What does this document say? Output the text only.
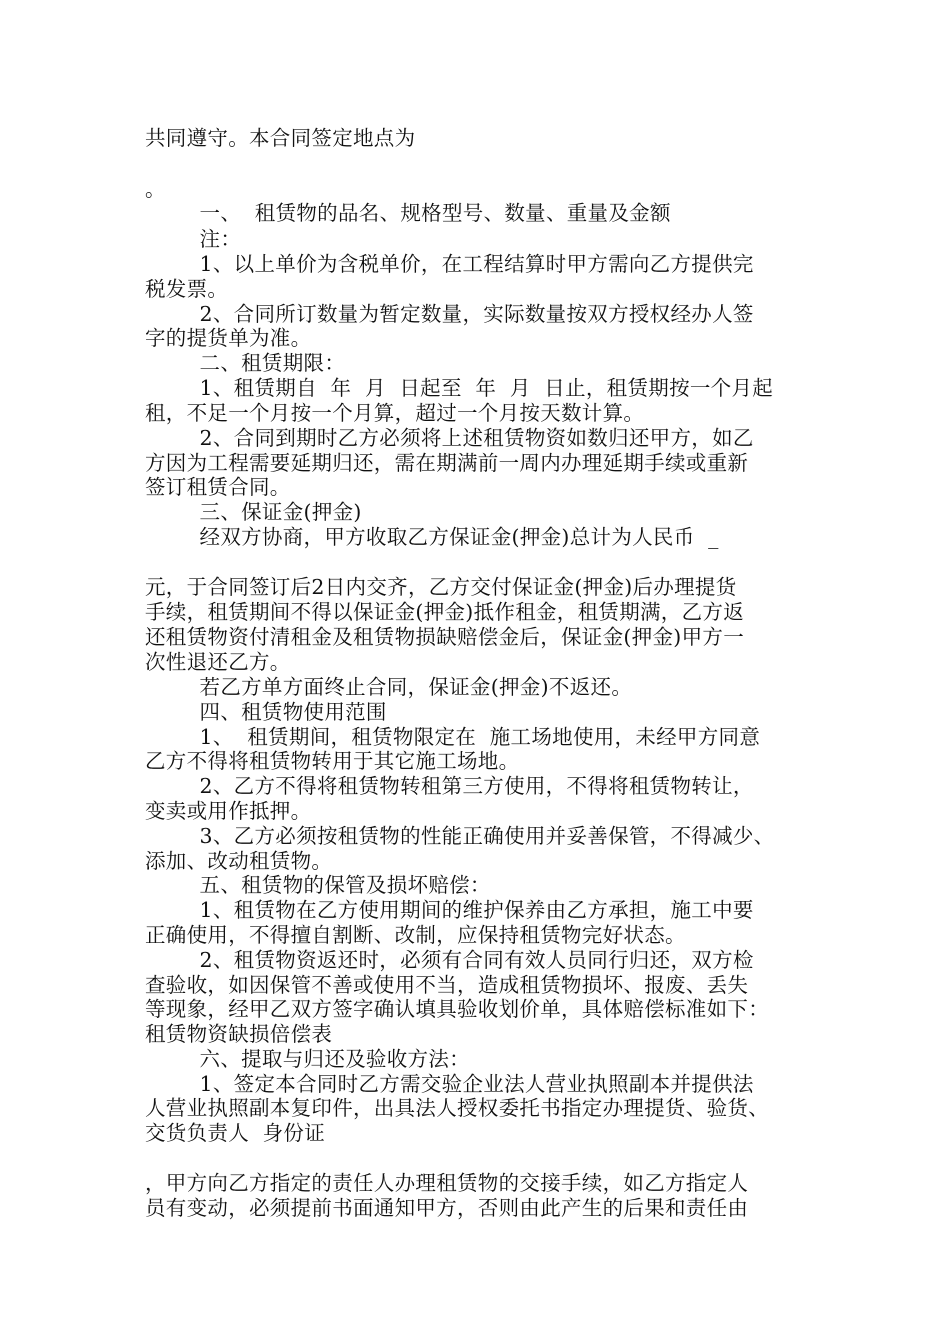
共同遵守。本合同签定地点为
。
一、  租赁物的品名、规格型号、数量、重量及金额
注：
1、以上单价为含税单价，在工程结算时甲方需向乙方提供完
税发票。
2、合同所订数量为暂定数量，实际数量按双方授权经办人签
字的提货单为准。
二、租赁期限：
1、租赁期自  年  月  日起至  年  月  日止，租赁期按一个月起
租，不足一个月按一个月算，超过一个月按天数计算。
2、合同到期时乙方必须将上述租赁物资如数归还甲方，如乙
方因为工程需要延期归还，需在期满前一周内办理延期手续或重新
签订租赁合同。
三、保证金(押金)
经双方协商，甲方收取乙方保证金(押金)总计为人民币  _
元，于合同签订后2日内交齐，乙方交付保证金(押金)后办理提货
手续，租赁期间不得以保证金(押金)抵作租金，租赁期满，乙方返
还租赁物资付清租金及租赁物损缺赔偿金后，保证金(押金)甲方一
次性退还乙方。
若乙方单方面终止合同，保证金(押金)不返还。
四、租赁物使用范围
1、  租赁期间，租赁物限定在  施工场地使用，未经甲方同意
乙方不得将租赁物转用于其它施工场地。
2、乙方不得将租赁物转租第三方使用，不得将租赁物转让，
变卖或用作抵押。
3、乙方必须按租赁物的性能正确使用并妥善保管，不得减少、
添加、改动租赁物。
五、租赁物的保管及损坏赔偿：
1、租赁物在乙方使用期间的维护保养由乙方承担，施工中要
正确使用，不得擅自割断、改制，应保持租赁物完好状态。
2、租赁物资返还时，必须有合同有效人员同行归还，双方检
查验收，如因保管不善或使用不当，造成租赁物损坏、报废、丢失
等现象，经甲乙双方签字确认填具验收划价单，具体赔偿标准如下：
租赁物资缺损倍偿表
六、提取与归还及验收方法：
1、签定本合同时乙方需交验企业法人营业执照副本并提供法
人营业执照副本复印件，出具法人授权委托书指定办理提货、验货、
交货负责人  身份证
，甲方向乙方指定的责任人办理租赁物的交接手续，如乙方指定人
员有变动，必须提前书面通知甲方，否则由此产生的后果和责任由
